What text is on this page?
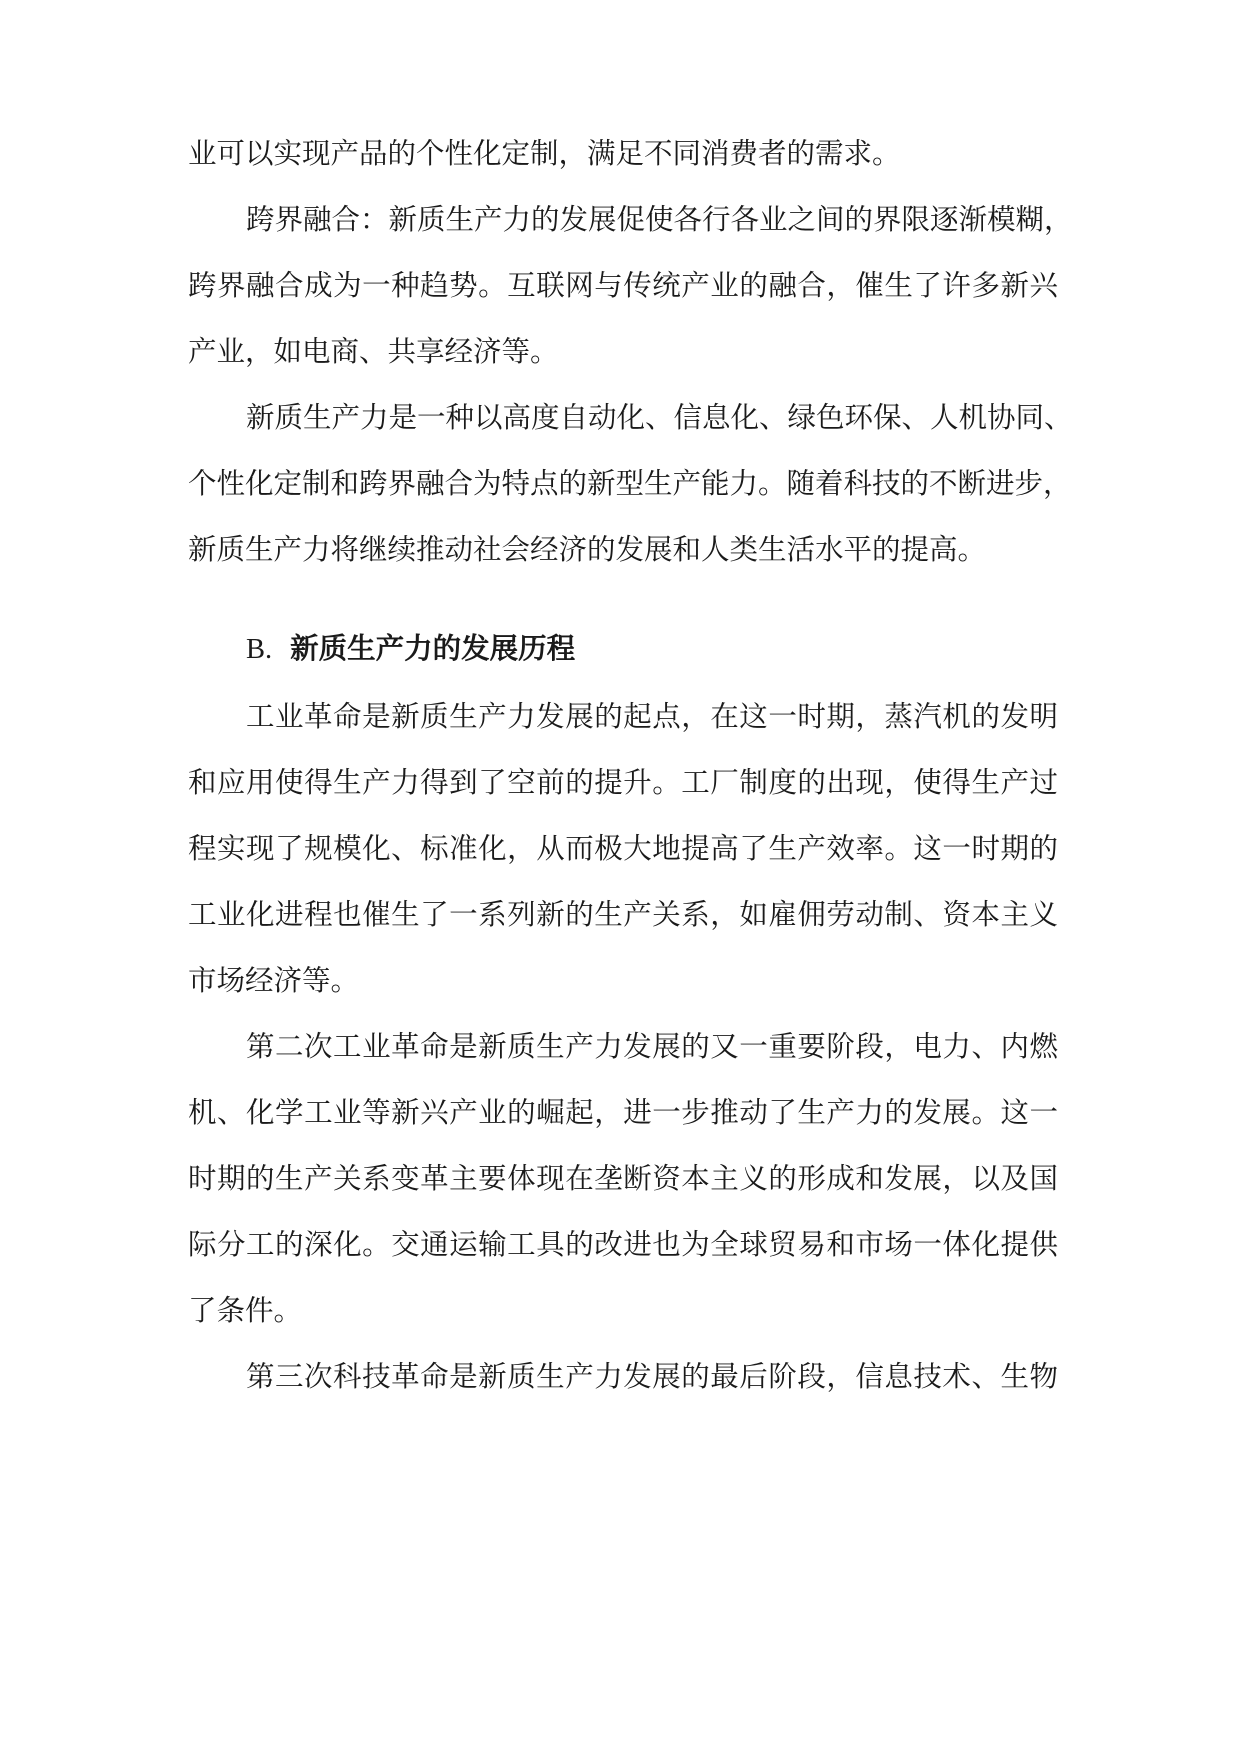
业可以实现产品的个性化定制，满足不同消费者的需求。
跨界融合：新质生产力的发展促使各行各业之间的界限逐渐模糊，
跨界融合成为一种趋势。互联网与传统产业的融合，催生了许多新兴
产业，如电商、共享经济等。
新质生产力是一种以高度自动化、信息化、绿色环保、人机协同、
个性化定制和跨界融合为特点的新型生产能力。随着科技的不断进步，
新质生产力将继续推动社会经济的发展和人类生活水平的提高。
B. 新质生产力的发展历程
工业革命是新质生产力发展的起点，在这一时期，蒸汽机的发明
和应用使得生产力得到了空前的提升。工厂制度的出现，使得生产过
程实现了规模化、标准化，从而极大地提高了生产效率。这一时期的
工业化进程也催生了一系列新的生产关系，如雇佣劳动制、资本主义
市场经济等。
第二次工业革命是新质生产力发展的又一重要阶段，电力、内燃
机、化学工业等新兴产业的崛起，进一步推动了生产力的发展。这一
时期的生产关系变革主要体现在垄断资本主义的形成和发展，以及国
际分工的深化。交通运输工具的改进也为全球贸易和市场一体化提供
了条件。
第三次科技革命是新质生产力发展的最后阶段，信息技术、生物
